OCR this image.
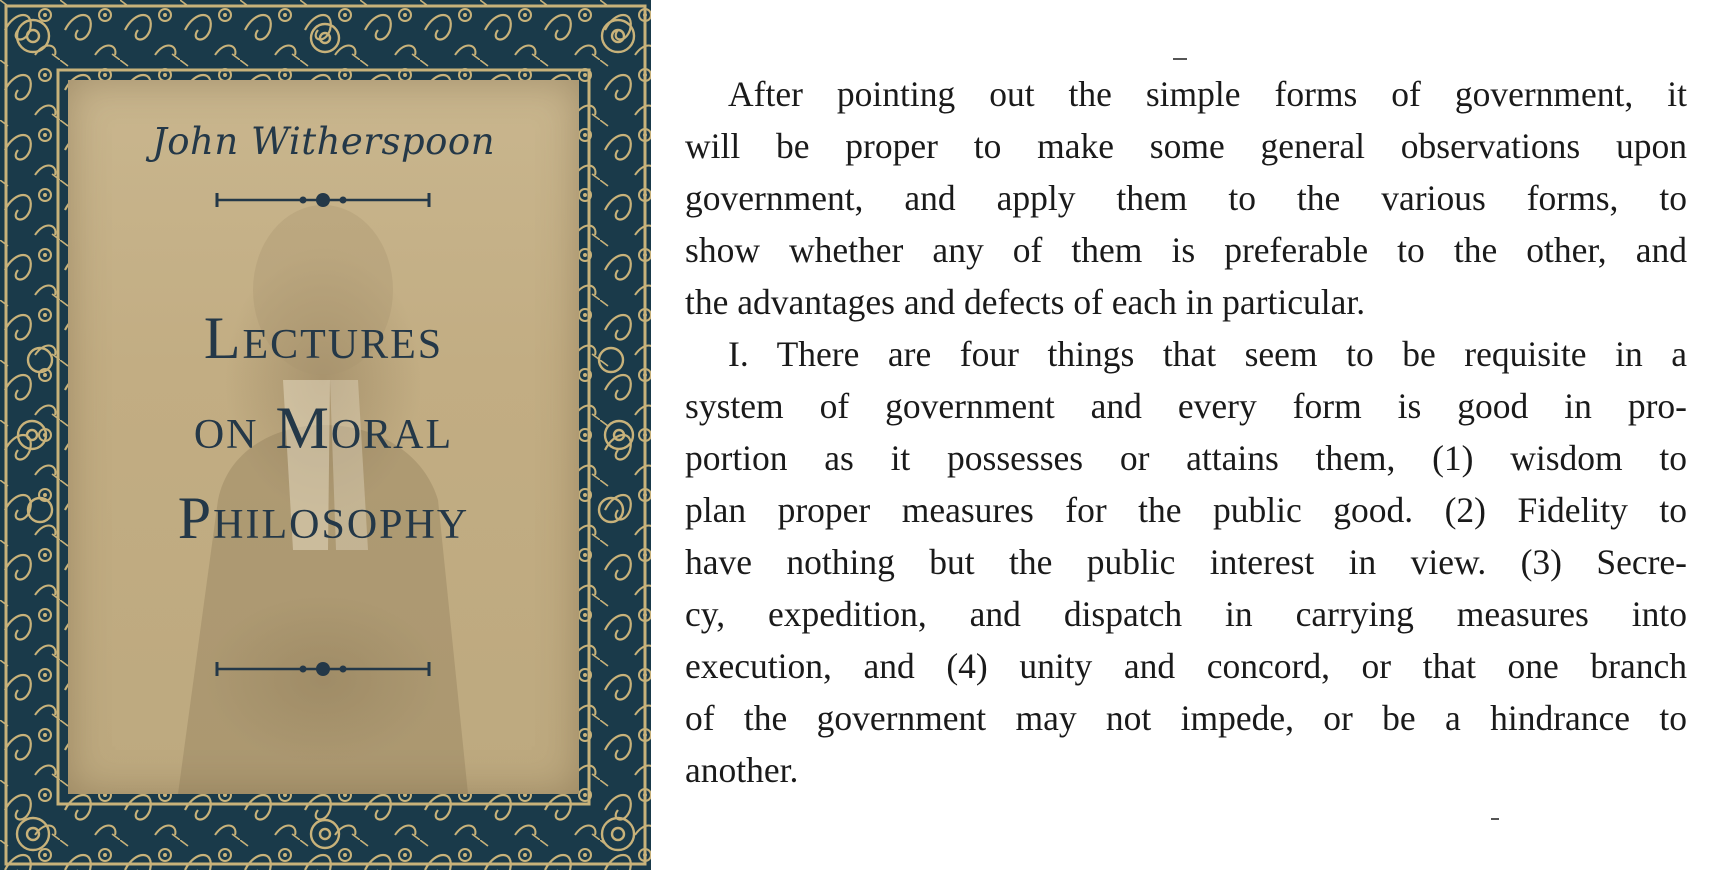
John Witherspoon
Lectures
on Moral
Philosophy
After pointing out the simple forms of government, it
will be proper to make some general observations upon
government, and apply them to the various forms, to
show whether any of them is preferable to the other, and
the advantages and defects of each in particular.
I. There are four things that seem to be requisite in a
system of government and every form is good in pro-
portion as it possesses or attains them, (1) wisdom to
plan proper measures for the public good. (2) Fidelity to
have nothing but the public interest in view. (3) Secre-
cy, expedition, and dispatch in carrying measures into
execution, and (4) unity and concord, or that one branch
of the government may not impede, or be a hindrance to
another.
